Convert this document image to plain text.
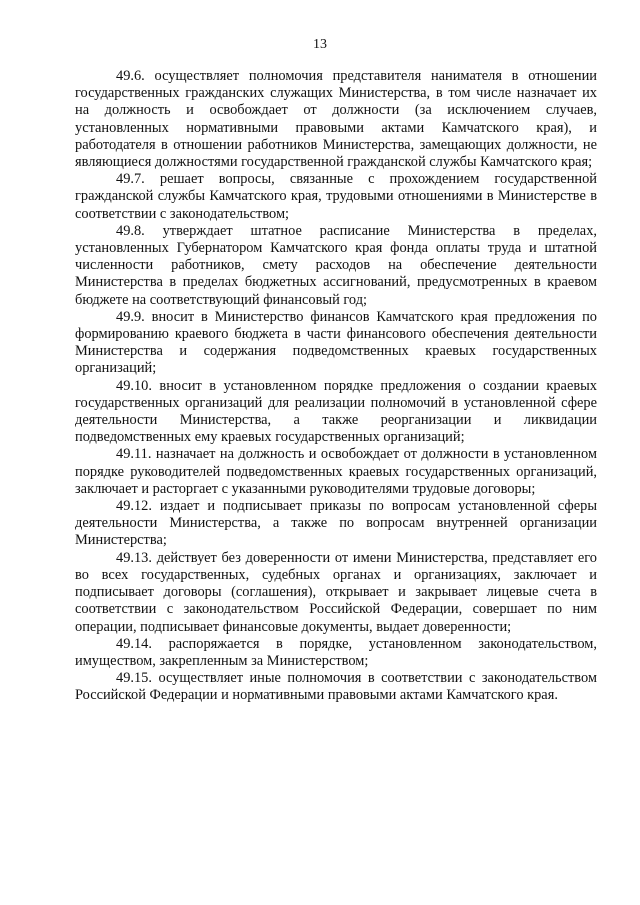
13

49.6. осуществляет полномочия представителя нанимателя в отношении государственных гражданских служащих Министерства, в том числе назначает их на должность и освобождает от должности (за исключением случаев, установленных нормативными правовыми актами Камчатского края), и работодателя в отношении работников Министерства, замещающих должности, не являющиеся должностями государственной гражданской службы Камчатского края;

49.7. решает вопросы, связанные с прохождением государственной гражданской службы Камчатского края, трудовыми отношениями в Министерстве в соответствии с законодательством;

49.8. утверждает штатное расписание Министерства в пределах, установленных Губернатором Камчатского края фонда оплаты труда и штатной численности работников, смету расходов на обеспечение деятельности Министерства в пределах бюджетных ассигнований, предусмотренных в краевом бюджете на соответствующий финансовый год;

49.9. вносит в Министерство финансов Камчатского края предложения по формированию краевого бюджета в части финансового обеспечения деятельности Министерства и содержания подведомственных краевых государственных организаций;

49.10. вносит в установленном порядке предложения о создании краевых государственных организаций для реализации полномочий в установленной сфере деятельности Министерства, а также реорганизации и ликвидации подведомственных ему краевых государственных организаций;

49.11. назначает на должность и освобождает от должности в установленном порядке руководителей подведомственных краевых государственных организаций, заключает и расторгает с указанными руководителями трудовые договоры;

49.12. издает и подписывает приказы по вопросам установленной сферы деятельности Министерства, а также по вопросам внутренней организации Министерства;

49.13. действует без доверенности от имени Министерства, представляет его во всех государственных, судебных органах и организациях, заключает и подписывает договоры (соглашения), открывает и закрывает лицевые счета в соответствии с законодательством Российской Федерации, совершает по ним операции, подписывает финансовые документы, выдает доверенности;

49.14. распоряжается в порядке, установленном законодательством, имуществом, закрепленным за Министерством;

49.15. осуществляет иные полномочия в соответствии с законодательством Российской Федерации и нормативными правовыми актами Камчатского края.
